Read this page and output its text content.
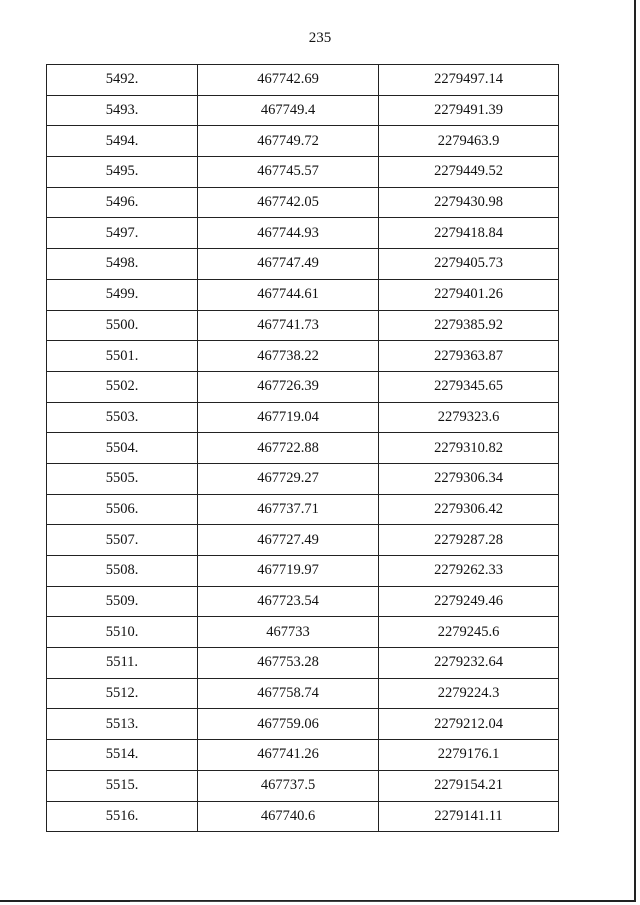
235
5492.	467742.69	2279497.14
5493.	467749.4	2279491.39
5494.	467749.72	2279463.9
5495.	467745.57	2279449.52
5496.	467742.05	2279430.98
5497.	467744.93	2279418.84
5498.	467747.49	2279405.73
5499.	467744.61	2279401.26
5500.	467741.73	2279385.92
5501.	467738.22	2279363.87
5502.	467726.39	2279345.65
5503.	467719.04	2279323.6
5504.	467722.88	2279310.82
5505.	467729.27	2279306.34
5506.	467737.71	2279306.42
5507.	467727.49	2279287.28
5508.	467719.97	2279262.33
5509.	467723.54	2279249.46
5510.	467733	2279245.6
5511.	467753.28	2279232.64
5512.	467758.74	2279224.3
5513.	467759.06	2279212.04
5514.	467741.26	2279176.1
5515.	467737.5	2279154.21
5516.	467740.6	2279141.11
